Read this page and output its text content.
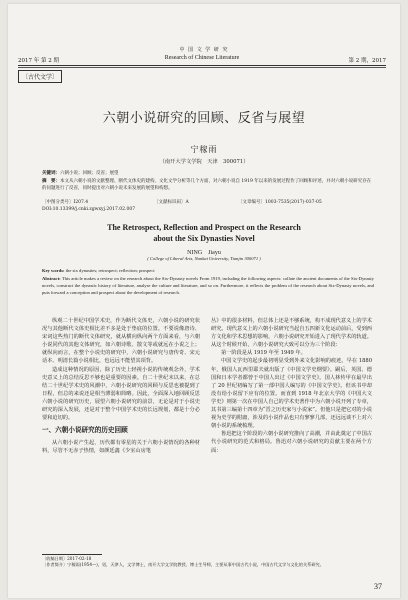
中 国 文 学 研 究
2017 年 第 2 期	Research of Chinese Literature	第 2 期，2017
〔古代文学〕
六朝小说研究的回顾、反省与展望
宁稼雨
（南开大学文学院　天津　300071）
关键词：六朝小说；回顾；反省；展望
摘　要：本文从六朝小说的文献整理、断代文体史的建构、文化文学分析等几个方面，对六朝小说自 1919 年以来的发展过程作了回顾和评述，并对六朝小说研究存在的问题进行了反省，同时提出对六朝小说未来发展的展望和构想。
〔中图分类号〕I207.4	〔文献标识码〕A	〔文章编号〕1003-7535(2017)-037-05
DOI:10.13399/j.cnki.zgwxyj.2017.02.007
The Retrospect, Reflection and Prospect on the Research
about the Six Dynasties Novel
NING　Jiayu
( College of Liberal Arts, Nankai University, Tianjin 300071 )
Key words: the six dynasties; retrospect; reflection; prospect
Abstract: This article makes a review on the research about the Six-Dynasty novels From 1919, including the following aspects: collate the ancient documents of the Six-Dynasty novels, construct the dynastic history of literature, analyse the culture and literature, and so on. Furthermore, it reflects the problem of the research about Six-Dynasty novels, and puts forward a conception and prospect about the development of research.

纵观二十世纪中国学术史，作为断代文体史，六朝小说的研究状况与其他断代文体史相比差不多是处于垫底的位置。不要说像唐诗、宋词这些热门的断代文体研究，就从横向纵向两个方面来看，与六朝小说同代的其他文体研究，如六朝诗歌、散文等或就远在小说之上；就纵向而言，在整个小说史的研究中，六朝小说研究与唐传奇、宋元话本、明清长篇小说相比，也远远不能望其项背。

造成这种情况的原因，除了历史上轻视小说的传统观念外，学术史意义上的总结反思不够也是重要的因素。自二十世纪末以来，在总结二十世纪学术史的风潮中，六朝小说研究的回顾与反思也被提到了日程，但总的来说还是相当薄弱和简略。因此，全面深入地回顾反思六朝小说的研究历史，展望六朝小说研究的前景，无论是对于小说史研究的深入发展，还是对于整个中国学术史的长远规划，都是十分必要和迫切的。

一、六朝小说研究的历史回顾

从六朝小说产生起，历代都有零星的关于六朝小说情况的各种材料，尽管不无赤子热情，如颜廷鑫《少室山房笔

丛》中的很多材料，但总体上还是不够系统，构不成现代意义上的学术研究。现代意义上的六朝小说研究当起自五四新文化运动前后，受到西方文化和学术思想的影响，六朝小说研究开始进入了现代学术的轨道。从这个时候开始，六朝小说研究大致可以分为三个阶段：

第一阶段是从 1919 年至 1949 年。

中国文学史的起步最初明显受到外来文化影响的痕迹。早在 1880 年，俄国人瓦西里耶夫就出版了《中国文学史纲要》。嗣后，英国、德国和日本学者都曾于中国人出过《中国文学史》。国人林传甲在最早出了 20 世纪初编写了第一部中国人编写的《中国文学史》。但该书中却没有给小说留下应有的位置。而直到 1918 年北京大学的《中国大文学史》则第一次在中国人自己的学术史著作中为六朝小说开列了专章，其书第三编第十四章为“晋之历史家与小说家”。但他只是把它对的小说视为史学的附庸，涉及的小说作品也只有寥寥几部，还远远谈不上对六朝小说的系统梳理。

鲁迅把这个阶段的六朝小说研究推向了高潮，并由此奠定了中国古代小说研究的范式和格局。鲁迅对六朝小说研究的贡献主要在两个方面：

〔收稿日期〕2017-02-18
〔作者简介〕宁稼雨(1954—)，男，天津人，文学博士，南开大学文学院教授、博士生导师，主要从事中国古代小说，中国古代文学与文化的关系研究。
37
